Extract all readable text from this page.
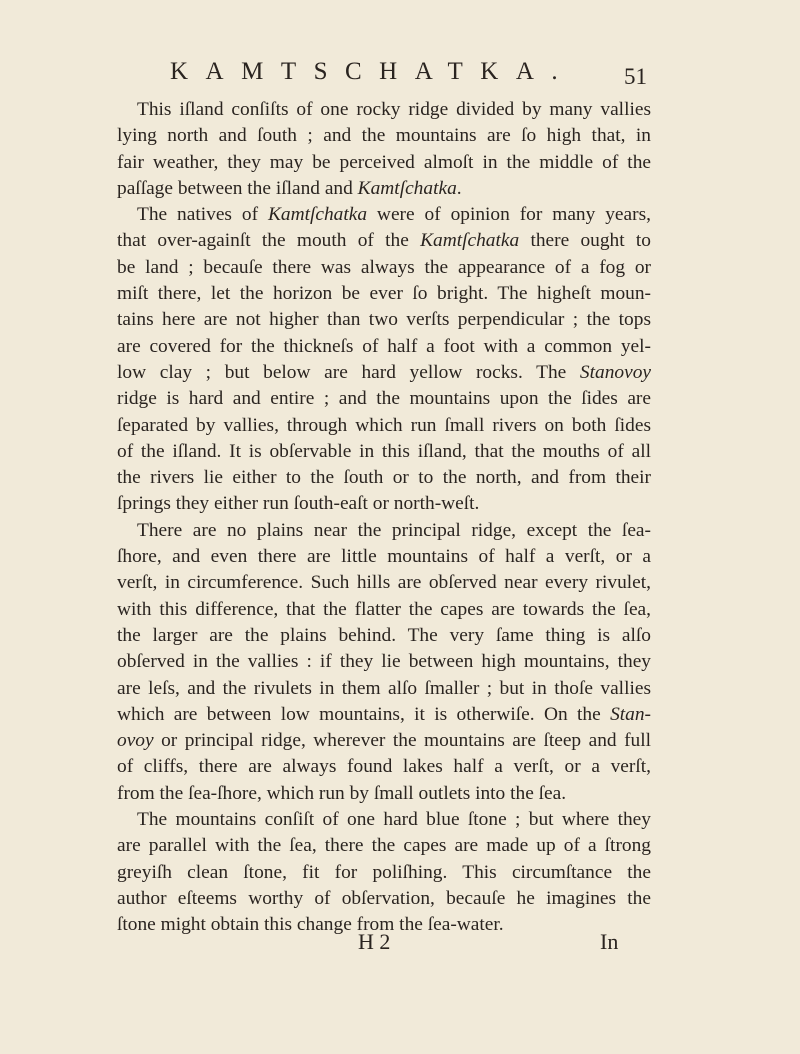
KAMTSCHATKA. 51

This iſland conſiſts of one rocky ridge divided by many vallies
lying north and ſouth ; and the mountains are ſo high that, in
fair weather, they may be perceived almoſt in the middle of the
paſſage between the iſland and Kamtſchatka.

The natives of Kamtſchatka were of opinion for many years,
that over-againſt the mouth of the Kamtſchatka there ought to
be land ; becauſe there was always the appearance of a fog or
miſt there, let the horizon be ever ſo bright. The higheſt moun-
tains here are not higher than two verſts perpendicular ; the tops
are covered for the thickneſs of half a foot with a common yel-
low clay ; but below are hard yellow rocks. The Stanovoy
ridge is hard and entire ; and the mountains upon the ſides are
ſeparated by vallies, through which run ſmall rivers on both ſides
of the iſland. It is obſervable in this iſland, that the mouths of all
the rivers lie either to the ſouth or to the north, and from their
ſprings they either run ſouth-eaſt or north-weſt.

There are no plains near the principal ridge, except the ſea-
ſhore, and even there are little mountains of half a verſt, or a
verſt, in circumference. Such hills are obſerved near every rivulet,
with this difference, that the flatter the capes are towards the ſea,
the larger are the plains behind. The very ſame thing is alſo
obſerved in the vallies : if they lie between high mountains, they
are leſs, and the rivulets in them alſo ſmaller ; but in thoſe vallies
which are between low mountains, it is otherwiſe. On the Stan-
ovoy or principal ridge, wherever the mountains are ſteep and full
of cliffs, there are always found lakes half a verſt, or a verſt,
from the ſea-ſhore, which run by ſmall outlets into the ſea.

The mountains conſiſt of one hard blue ſtone ; but where they
are parallel with the ſea, there the capes are made up of a ſtrong
greyiſh clean ſtone, fit for poliſhing. This circumſtance the
author eſteems worthy of obſervation, becauſe he imagines the
ſtone might obtain this change from the ſea-water.

H 2	In
